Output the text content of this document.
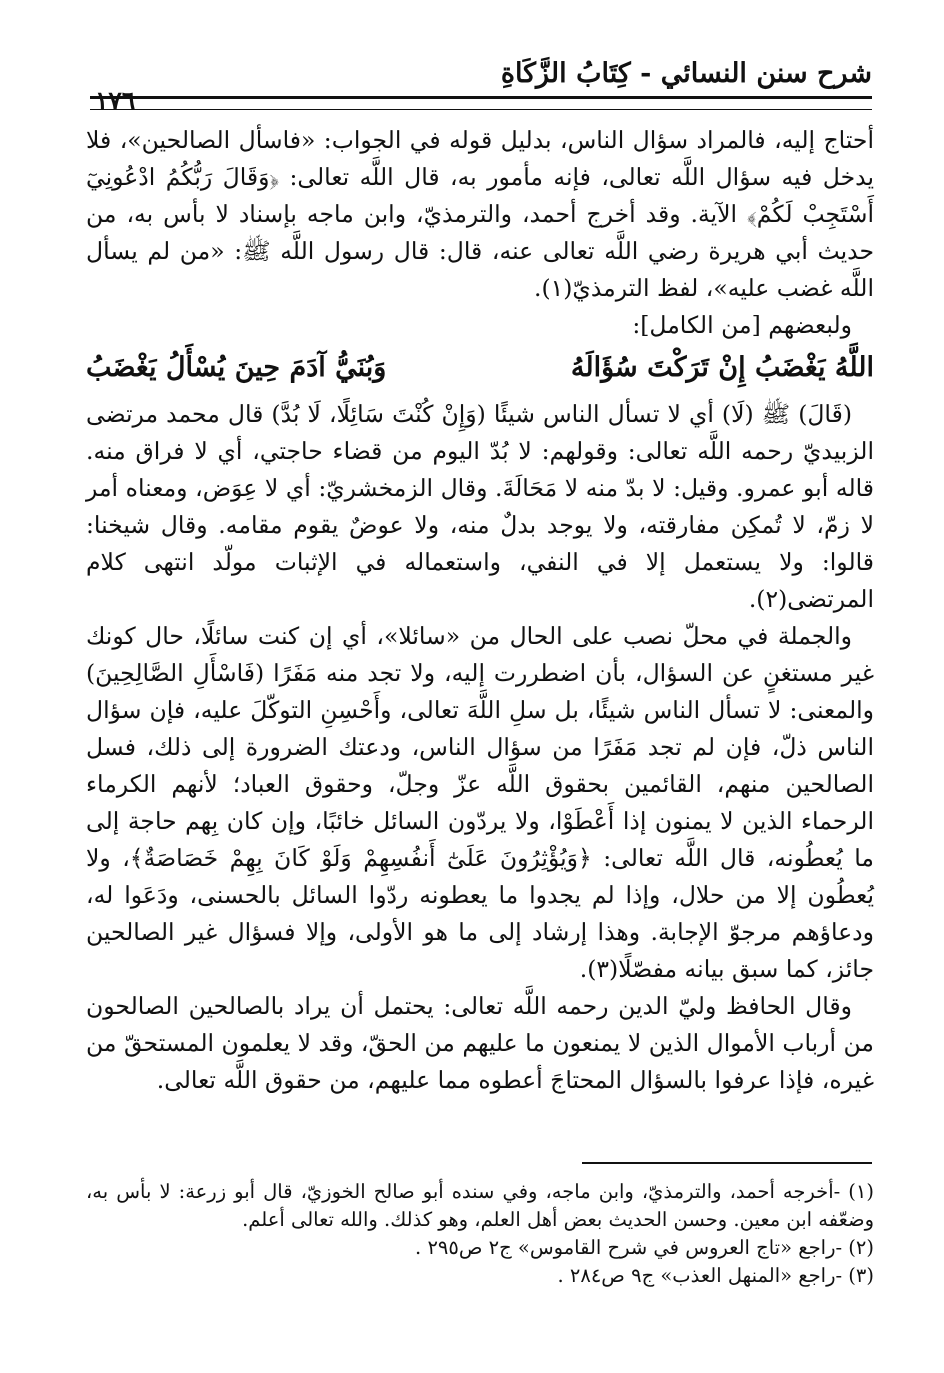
شرح سنن النسائي - كِتَابُ الزَّكَاةِ
١٧٦

أحتاج إليه، فالمراد سؤال الناس، بدليل قوله في الجواب: «فاسأل الصالحين»، فلا يدخل فيه سؤال اللَّه تعالى، فإنه مأمور به، قال اللَّه تعالى: ﴿وَقَالَ رَبُّكُمُ ادْعُونِيٓ أَسْتَجِبْ لَكُمْ﴾ الآية. وقد أخرج أحمد، والترمذيّ، وابن ماجه بإسناد لا بأس به، من حديث أبي هريرة رضي اللَّه تعالى عنه، قال: قال رسول اللَّه ﷺ: «من لم يسأل اللَّه غضب عليه»، لفظ الترمذيّ(١).

ولبعضهم [من الكامل]:

اللَّهُ يَغْضَبُ إِنْ تَرَكْتَ سُؤَالَهُ
وَبُنَيُّ آدَمَ حِينَ يُسْأَلُ يَغْضَبُ

(قَالَ) ﷺ (لَا) أي لا تسأل الناس شيئًا (وَإِنْ كُنْتَ سَائِلًا، لَا بُدَّ) قال محمد مرتضى الزبيديّ رحمه اللَّه تعالى: وقولهم: لا بُدّ اليوم من قضاء حاجتي، أي لا فراق منه. قاله أبو عمرو. وقيل: لا بدّ منه لا مَحَالَةَ. وقال الزمخشريّ: أي لا عِوَض، ومعناه أمر لا زمّ، لا تُمكِن مفارقته، ولا يوجد بدلٌ منه، ولا عوضٌ يقوم مقامه. وقال شيخنا: قالوا: ولا يستعمل إلا في النفي، واستعماله في الإثبات مولّد انتهى كلام المرتضى(٢).

والجملة في محلّ نصب على الحال من «سائلا»، أي إن كنت سائلًا، حال كونك غير مستغنٍ عن السؤال، بأن اضطررت إليه، ولا تجد منه مَفَرًا (فَاسْأَلِ الصَّالِحِينَ) والمعنى: لا تسأل الناس شيئًا، بل سلِ اللَّهَ تعالى، وأَحْسِنِ التوكّلَ عليه، فإن سؤال الناس ذلّ، فإن لم تجد مَفَرًا من سؤال الناس، ودعتك الضرورة إلى ذلك، فسل الصالحين منهم، القائمين بحقوق اللَّه عزّ وجلّ، وحقوق العباد؛ لأنهم الكرماء الرحماء الذين لا يمنون إذا أَعْطَوْا، ولا يردّون السائل خائبًا، وإن كان بِهم حاجة إلى ما يُعطُونه، قال اللَّه تعالى: ﴿وَيُؤْثِرُونَ عَلَىٰٓ أَنفُسِهِمْ وَلَوْ كَانَ بِهِمْ خَصَاصَةٌ﴾، ولا يُعطُون إلا من حلال، وإذا لم يجدوا ما يعطونه ردّوا السائل بالحسنى، ودَعَوا له، ودعاؤهم مرجوّ الإجابة. وهذا إرشاد إلى ما هو الأولى، وإلا فسؤال غير الصالحين جائز، كما سبق بيانه مفصّلًا(٣).

وقال الحافظ وليّ الدين رحمه اللَّه تعالى: يحتمل أن يراد بالصالحين الصالحون من أرباب الأموال الذين لا يمنعون ما عليهم من الحقّ، وقد لا يعلمون المستحقّ من غيره، فإذا عرفوا بالسؤال المحتاجَ أعطوه مما عليهم، من حقوق اللَّه تعالى.

(١) -أخرجه أحمد، والترمذيّ، وابن ماجه، وفي سنده أبو صالح الخوزيّ، قال أبو زرعة: لا بأس به، وضعّفه ابن معين. وحسن الحديث بعض أهل العلم، وهو كذلك. والله تعالى أعلم.

(٢) -راجع «تاج العروس في شرح القاموس» ج٢ ص٢٩٥ .

(٣) -راجع «المنهل العذب» ج٩ ص٢٨٤ .
